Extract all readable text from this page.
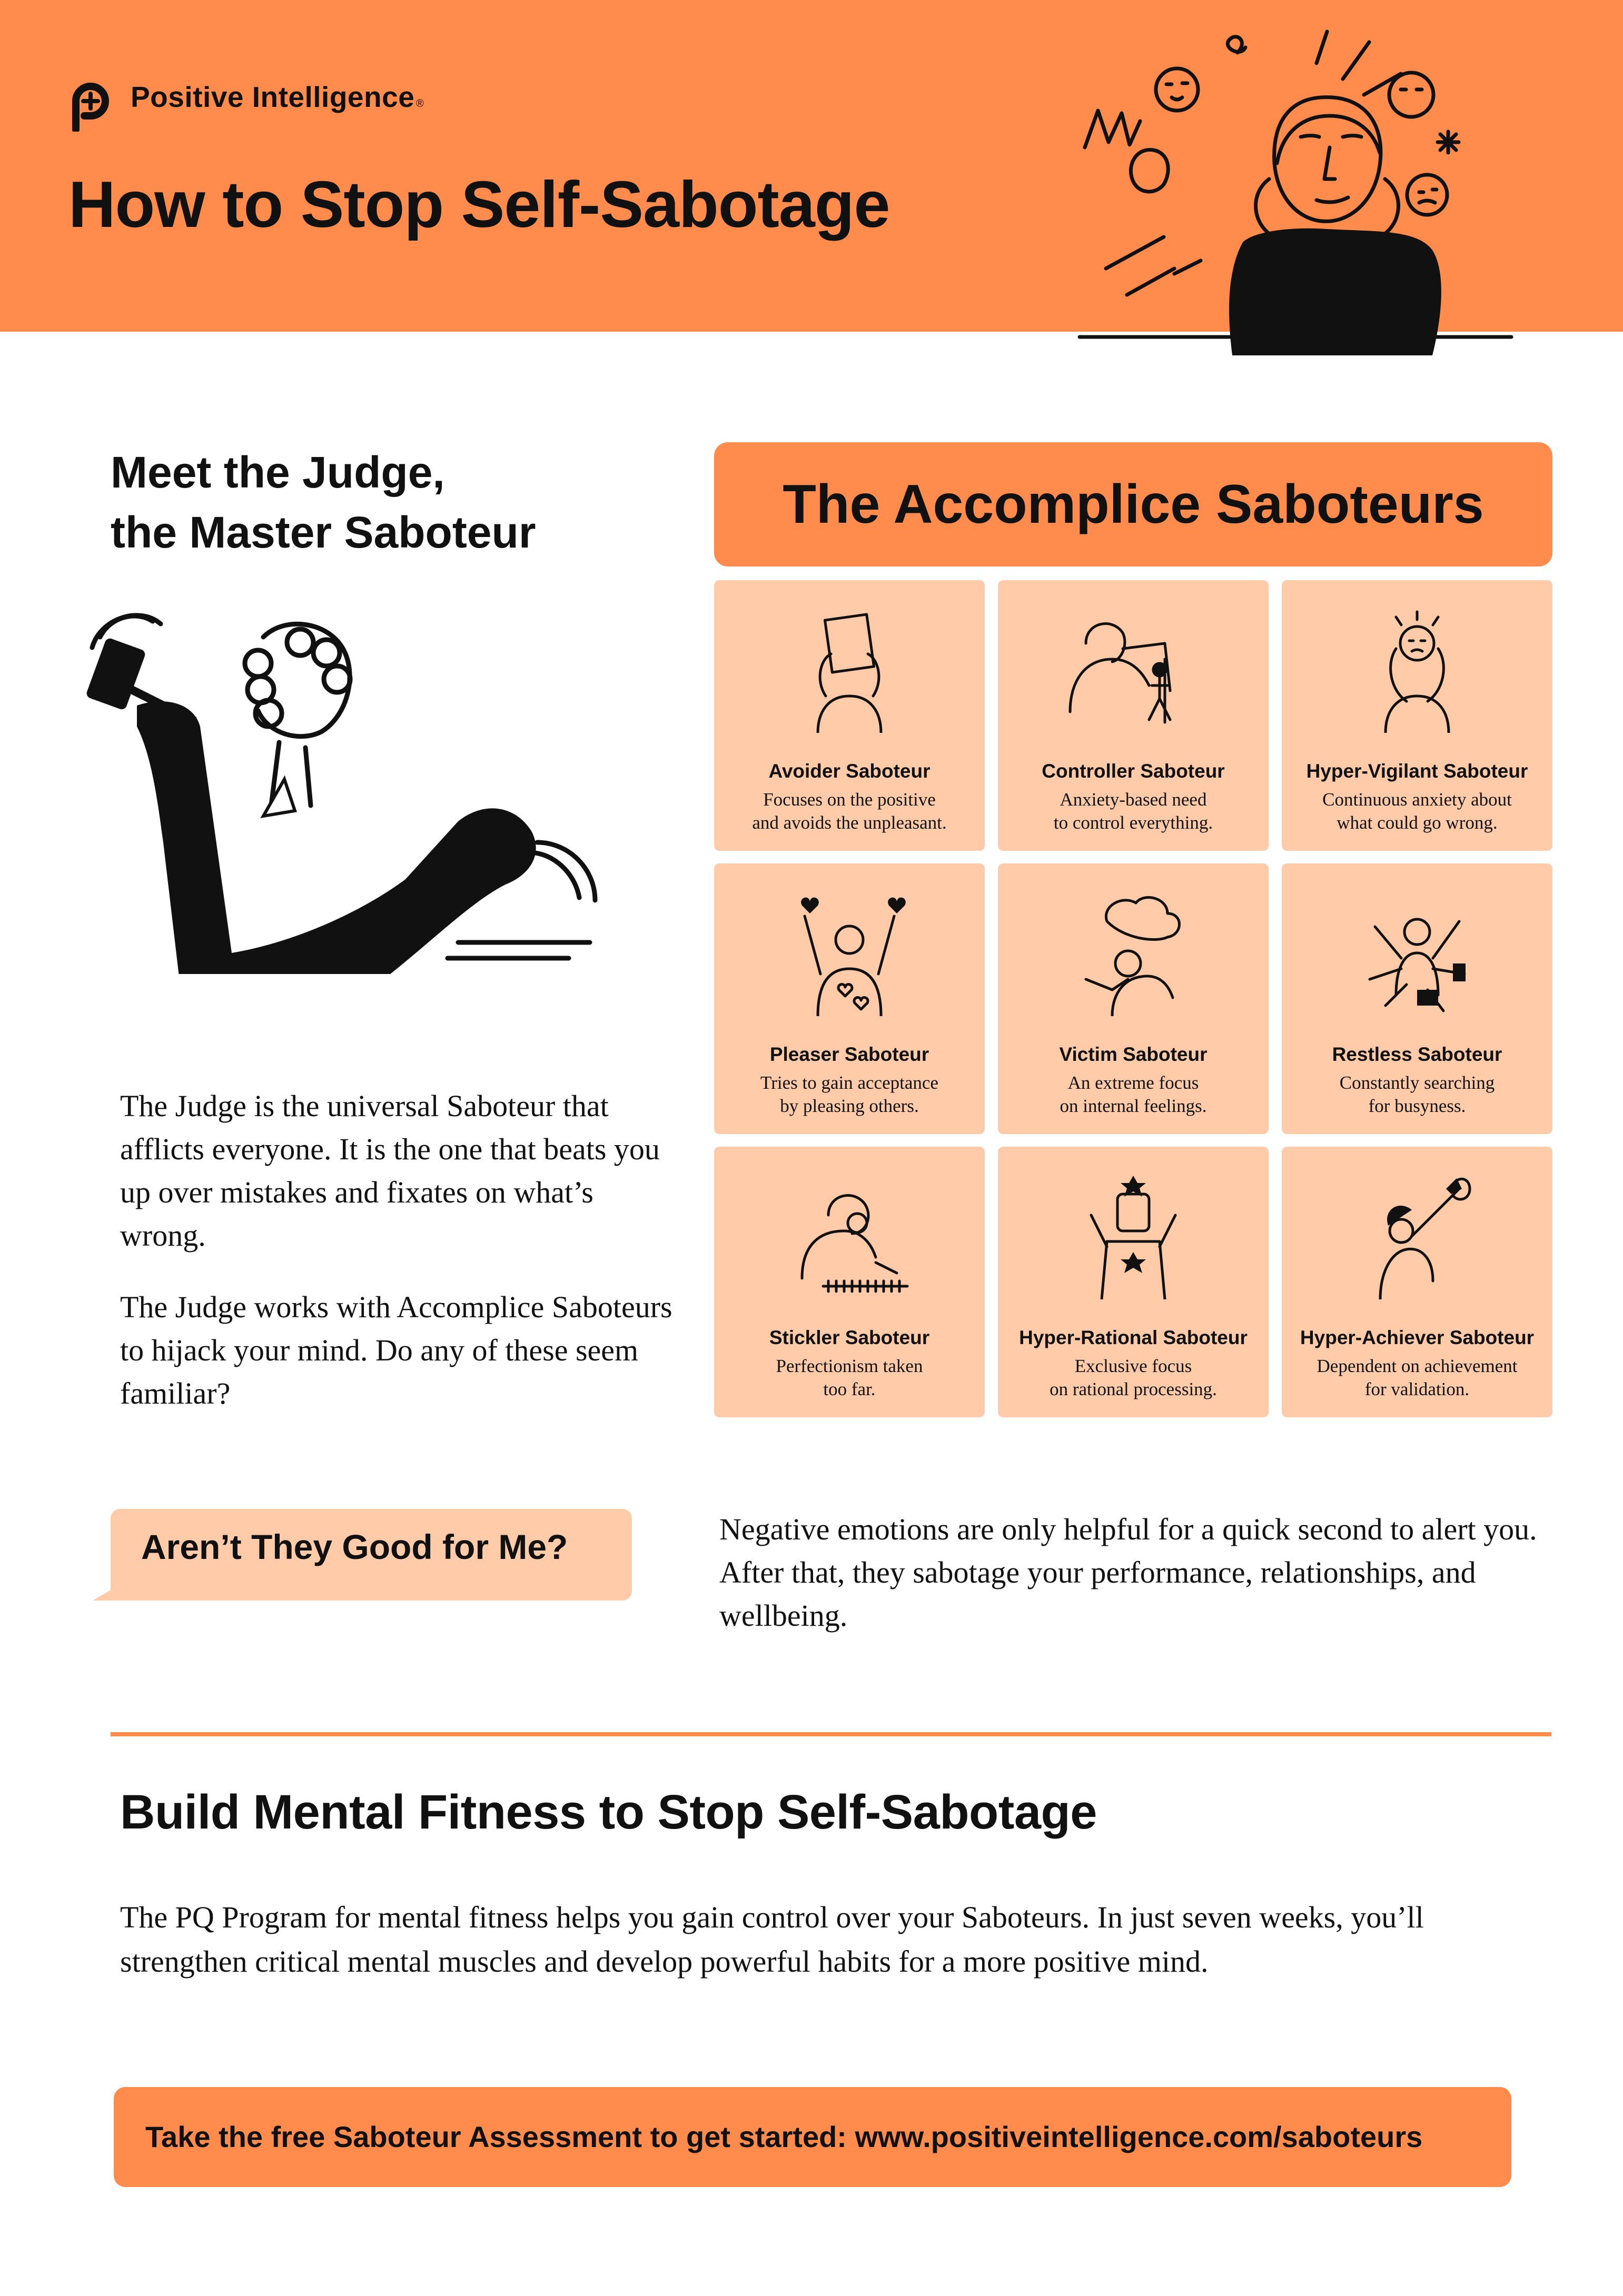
Positive Intelligence ®
How to Stop Self-Sabotage
Meet the Judge,
the Master Saboteur
The Judge is the universal Saboteur that afflicts everyone. It is the one that beats you up over mistakes and fixates on what’s wrong.
The Judge works with Accomplice Saboteurs to hijack your mind. Do any of these seem familiar?
The Accomplice Saboteurs
Avoider Saboteur
Focuses on the positive
and avoids the unpleasant.
Controller Saboteur
Anxiety-based need
to control everything.
Hyper-Vigilant Saboteur
Continuous anxiety about
what could go wrong.
Pleaser Saboteur
Tries to gain acceptance
by pleasing others.
Victim Saboteur
An extreme focus
on internal feelings.
Restless Saboteur
Constantly searching
for busyness.
Stickler Saboteur
Perfectionism taken
too far.
Hyper-Rational Saboteur
Exclusive focus
on rational processing.
Hyper-Achiever Saboteur
Dependent on achievement
for validation.
Aren’t They Good for Me?	Negative emotions are only helpful for a quick second to alert you. After that, they sabotage your performance, relationships, and wellbeing.
Build Mental Fitness to Stop Self-Sabotage
The PQ Program for mental fitness helps you gain control over your Saboteurs. In just seven weeks, you’ll strengthen critical mental muscles and develop powerful habits for a more positive mind.
Take the free Saboteur Assessment to get started: www.positiveintelligence.com/saboteurs
